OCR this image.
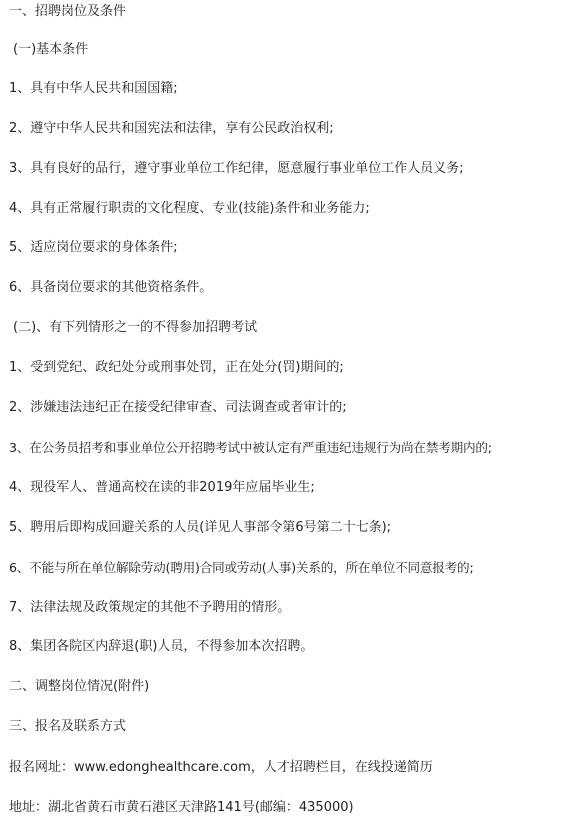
一、招聘岗位及条件
(一)基本条件
1、具有中华人民共和国国籍;
2、遵守中华人民共和国宪法和法律，享有公民政治权利;
3、具有良好的品行，遵守事业单位工作纪律，愿意履行事业单位工作人员义务;
4、具有正常履行职责的文化程度、专业(技能)条件和业务能力;
5、适应岗位要求的身体条件;
6、具备岗位要求的其他资格条件。
(二)、有下列情形之一的不得参加招聘考试
1、受到党纪、政纪处分或刑事处罚，正在处分(罚)期间的;
2、涉嫌违法违纪正在接受纪律审查、司法调查或者审计的;
3、在公务员招考和事业单位公开招聘考试中被认定有严重违纪违规行为尚在禁考期内的;
4、现役军人、普通高校在读的非2019年应届毕业生;
5、聘用后即构成回避关系的人员(详见人事部令第6号第二十七条);
6、不能与所在单位解除劳动(聘用)合同或劳动(人事)关系的，所在单位不同意报考的;
7、法律法规及政策规定的其他不予聘用的情形。
8、集团各院区内辞退(职)人员，不得参加本次招聘。
二、调整岗位情况(附件)
三、报名及联系方式
报名网址：www.edonghealthcare.com，人才招聘栏目，在线投递简历
地址：湖北省黄石市黄石港区天津路141号(邮编：435000)
